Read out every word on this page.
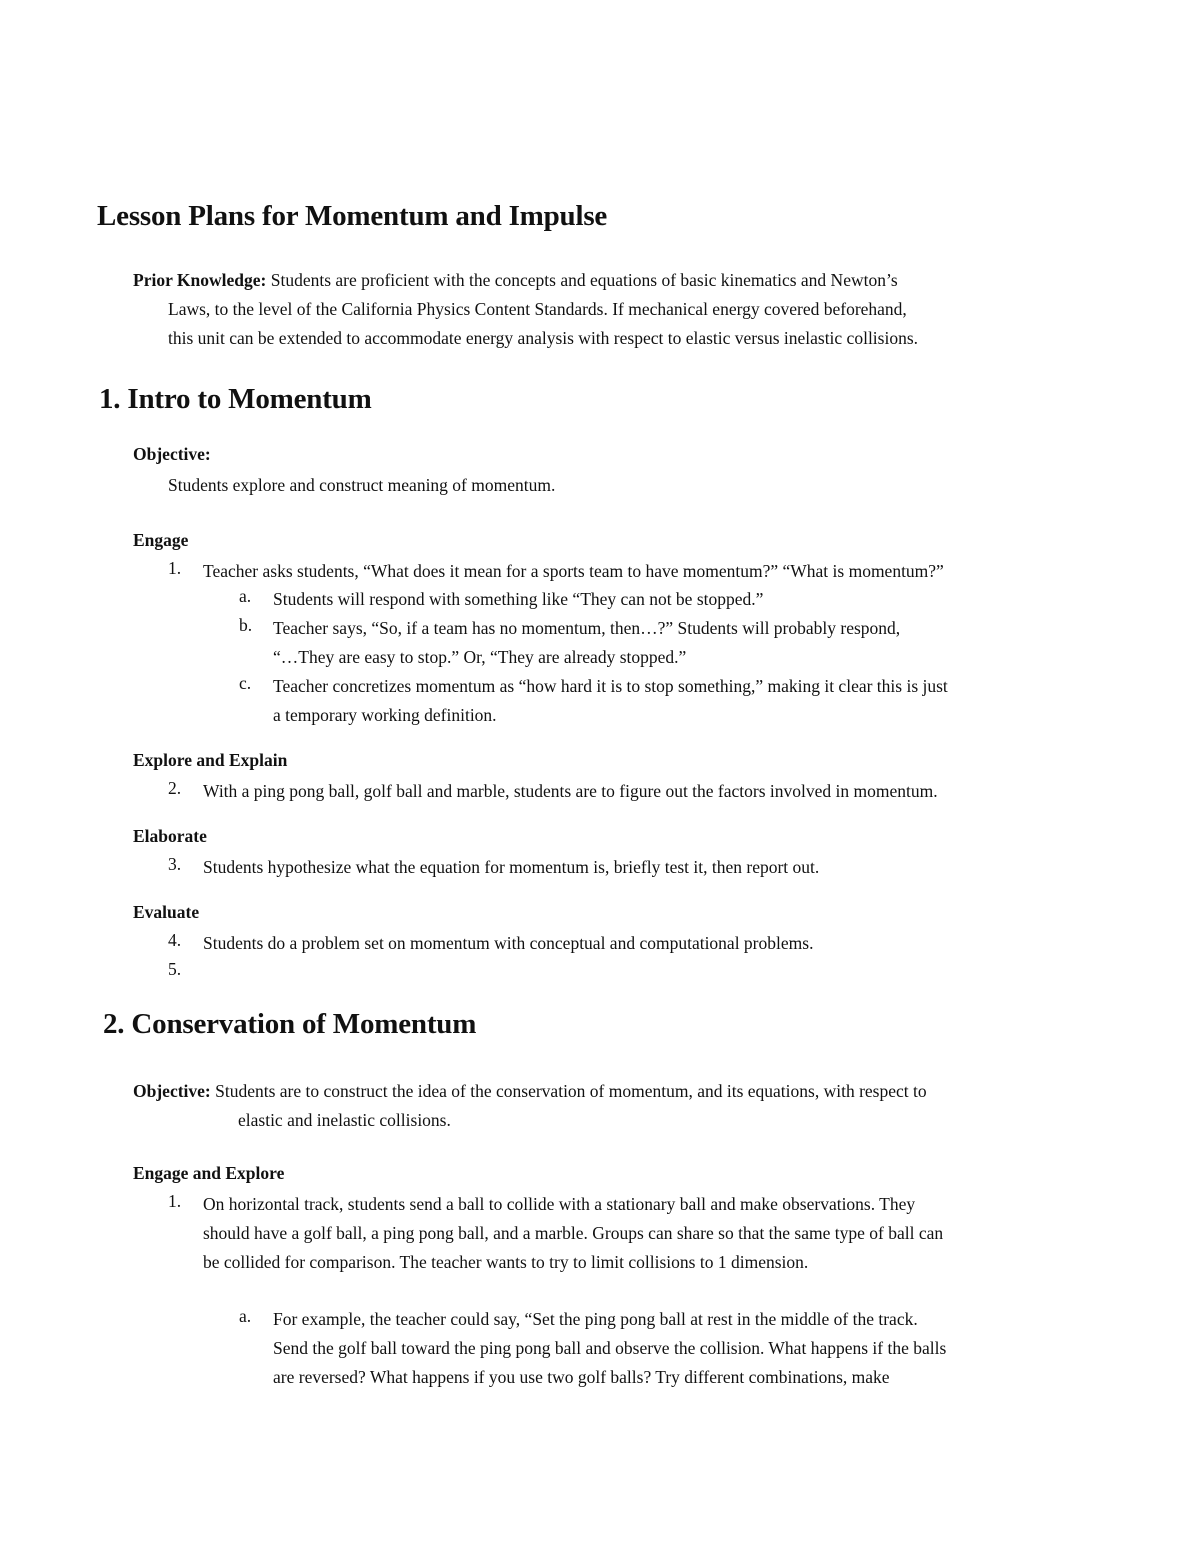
Lesson Plans for Momentum and Impulse
Prior Knowledge: Students are proficient with the concepts and equations of basic kinematics and Newton’s
Laws, to the level of the California Physics Content Standards. If mechanical energy covered beforehand,
this unit can be extended to accommodate energy analysis with respect to elastic versus inelastic collisions.
1. Intro to Momentum
Objective:
Students explore and construct meaning of momentum.
Engage
1. Teacher asks students, “What does it mean for a sports team to have momentum?” “What is momentum?”
a. Students will respond with something like “They can not be stopped.”
b. Teacher says, “So, if a team has no momentum, then…?” Students will probably respond,
“…They are easy to stop.” Or, “They are already stopped.”
c. Teacher concretizes momentum as “how hard it is to stop something,” making it clear this is just
a temporary working definition.
Explore and Explain
2. With a ping pong ball, golf ball and marble, students are to figure out the factors involved in momentum.
Elaborate
3. Students hypothesize what the equation for momentum is, briefly test it, then report out.
Evaluate
4. Students do a problem set on momentum with conceptual and computational problems.
5.
2. Conservation of Momentum
Objective: Students are to construct the idea of the conservation of momentum, and its equations, with respect to
elastic and inelastic collisions.
Engage and Explore
1. On horizontal track, students send a ball to collide with a stationary ball and make observations. They
should have a golf ball, a ping pong ball, and a marble. Groups can share so that the same type of ball can
be collided for comparison. The teacher wants to try to limit collisions to 1 dimension.
a. For example, the teacher could say, “Set the ping pong ball at rest in the middle of the track.
Send the golf ball toward the ping pong ball and observe the collision. What happens if the balls
are reversed? What happens if you use two golf balls? Try different combinations, make
